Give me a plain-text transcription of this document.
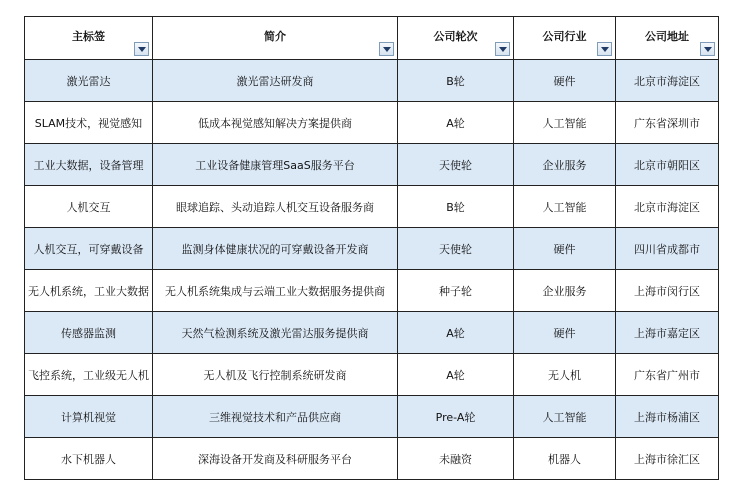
主标签	简介	公司轮次	公司行业	公司地址

激光雷达	激光雷达研发商	B轮	硬件	北京市海淀区
SLAM技术，视觉感知	低成本视觉感知解决方案提供商	A轮	人工智能	广东省深圳市
工业大数据，设备管理	工业设备健康管理SaaS服务平台	天使轮	企业服务	北京市朝阳区
人机交互	眼球追踪、头动追踪人机交互设备服务商	B轮	人工智能	北京市海淀区
人机交互，可穿戴设备	监测身体健康状况的可穿戴设备开发商	天使轮	硬件	四川省成都市
无人机系统，工业大数据	无人机系统集成与云端工业大数据服务提供商	种子轮	企业服务	上海市闵行区
传感器监测	天然气检测系统及激光雷达服务提供商	A轮	硬件	上海市嘉定区
飞控系统，工业级无人机	无人机及飞行控制系统研发商	A轮	无人机	广东省广州市
计算机视觉	三维视觉技术和产品供应商	Pre-A轮	人工智能	上海市杨浦区
水下机器人	深海设备开发商及科研服务平台	未融资	机器人	上海市徐汇区
